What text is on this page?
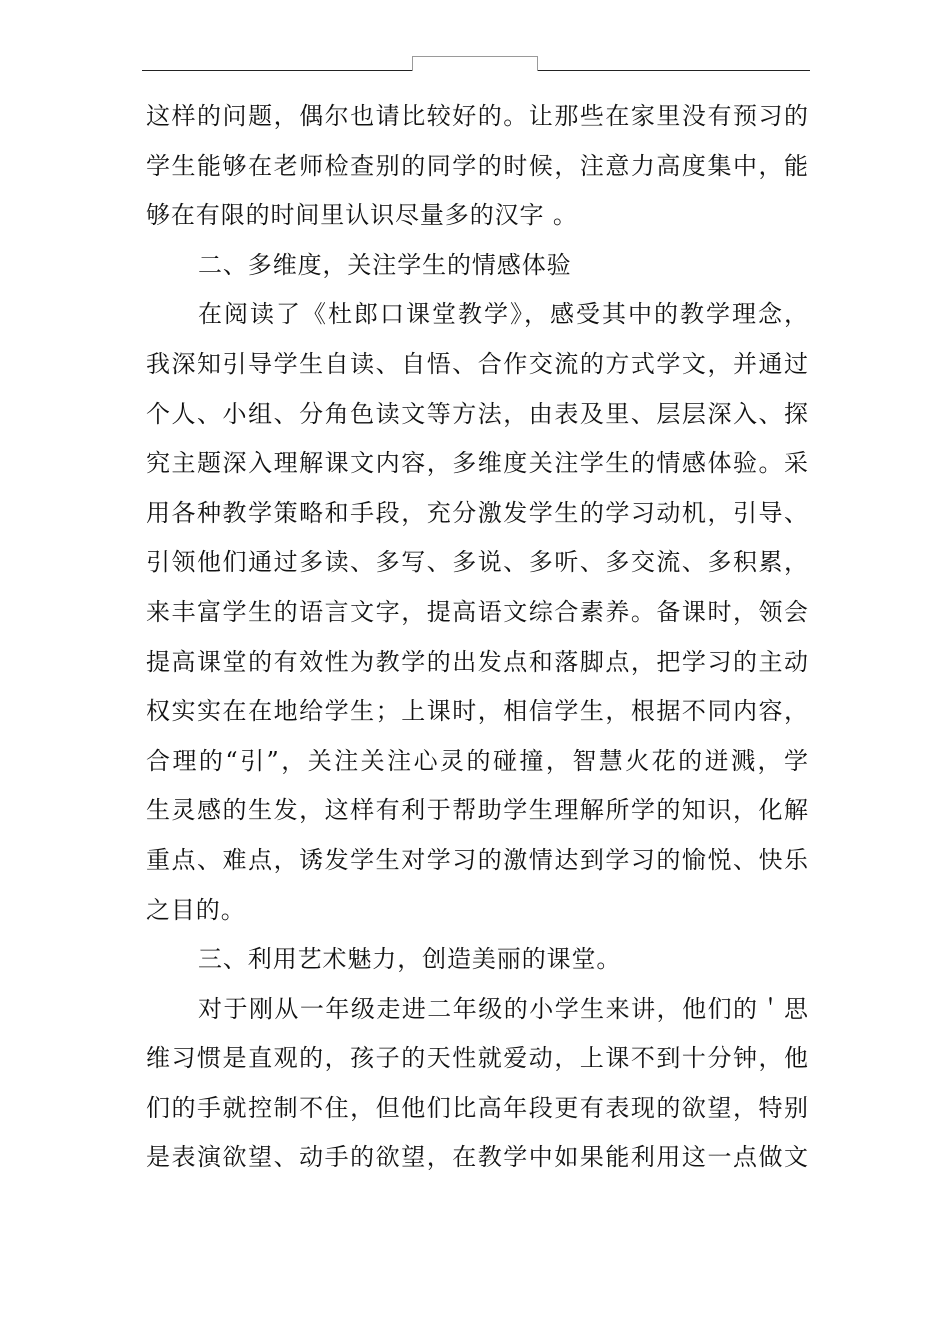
这样的问题，偶尔也请比较好的。让那些在家里没有预习的
学生能够在老师检查别的同学的时候，注意力高度集中，能
够在有限的时间里认识尽量多的汉字 。
二、多维度，关注学生的情感体验
在阅读了《杜郎口课堂教学》，感受其中的教学理念，
我深知引导学生自读、自悟、合作交流的方式学文，并通过
个人、小组、分角色读文等方法，由表及里、层层深入、探
究主题深入理解课文内容，多维度关注学生的情感体验。采
用各种教学策略和手段，充分激发学生的学习动机，引导、
引领他们通过多读、多写、多说、多听、多交流、多积累，
来丰富学生的语言文字，提高语文综合素养。备课时，领会
提高课堂的有效性为教学的出发点和落脚点，把学习的主动
权实实在在地给学生；上课时，相信学生，根据不同内容，
合理的“引”，关注关注心灵的碰撞，智慧火花的迸溅，学
生灵感的生发，这样有利于帮助学生理解所学的知识，化解
重点、难点，诱发学生对学习的激情达到学习的愉悦、快乐
之目的。
三、利用艺术魅力，创造美丽的课堂。
对于刚从一年级走进二年级的小学生来讲，他们的＇思
维习惯是直观的，孩子的天性就爱动，上课不到十分钟，他
们的手就控制不住，但他们比高年段更有表现的欲望，特别
是表演欲望、动手的欲望，在教学中如果能利用这一点做文
